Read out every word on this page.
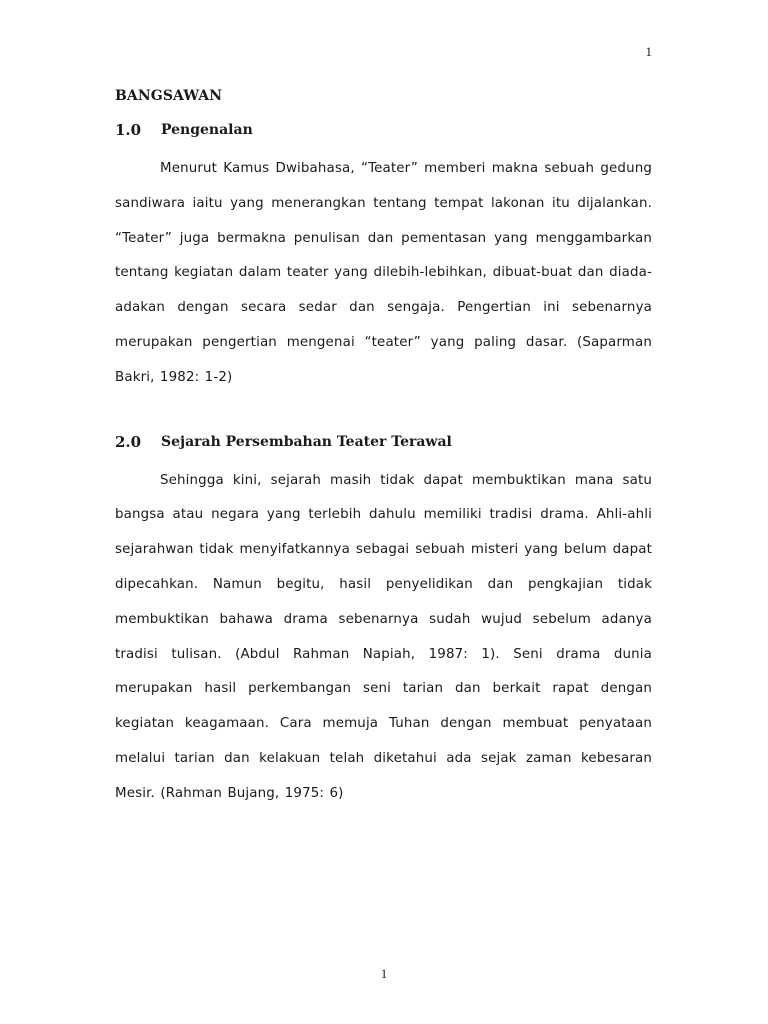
1
BANGSAWAN
1.0	Pengenalan

Menurut Kamus Dwibahasa, “Teater” memberi makna sebuah gedung sandiwara iaitu yang menerangkan tentang tempat lakonan itu dijalankan. “Teater” juga bermakna penulisan dan pementasan yang menggambarkan tentang kegiatan dalam teater yang dilebih-lebihkan, dibuat-buat dan diada-adakan dengan secara sedar dan sengaja. Pengertian ini sebenarnya merupakan pengertian mengenai “teater” yang paling dasar. (Saparman Bakri, 1982: 1-2)

2.0	Sejarah Persembahan Teater Terawal

Sehingga kini, sejarah masih tidak dapat membuktikan mana satu bangsa atau negara yang terlebih dahulu memiliki tradisi drama. Ahli-ahli sejarahwan tidak menyifatkannya sebagai sebuah misteri yang belum dapat dipecahkan. Namun begitu, hasil penyelidikan dan pengkajian tidak membuktikan bahawa drama sebenarnya sudah wujud sebelum adanya tradisi tulisan. (Abdul Rahman Napiah, 1987: 1). Seni drama dunia merupakan hasil perkembangan seni tarian dan berkait rapat dengan kegiatan keagamaan. Cara memuja Tuhan dengan membuat penyataan melalui tarian dan kelakuan telah diketahui ada sejak zaman kebesaran Mesir. (Rahman Bujang, 1975: 6)

1
